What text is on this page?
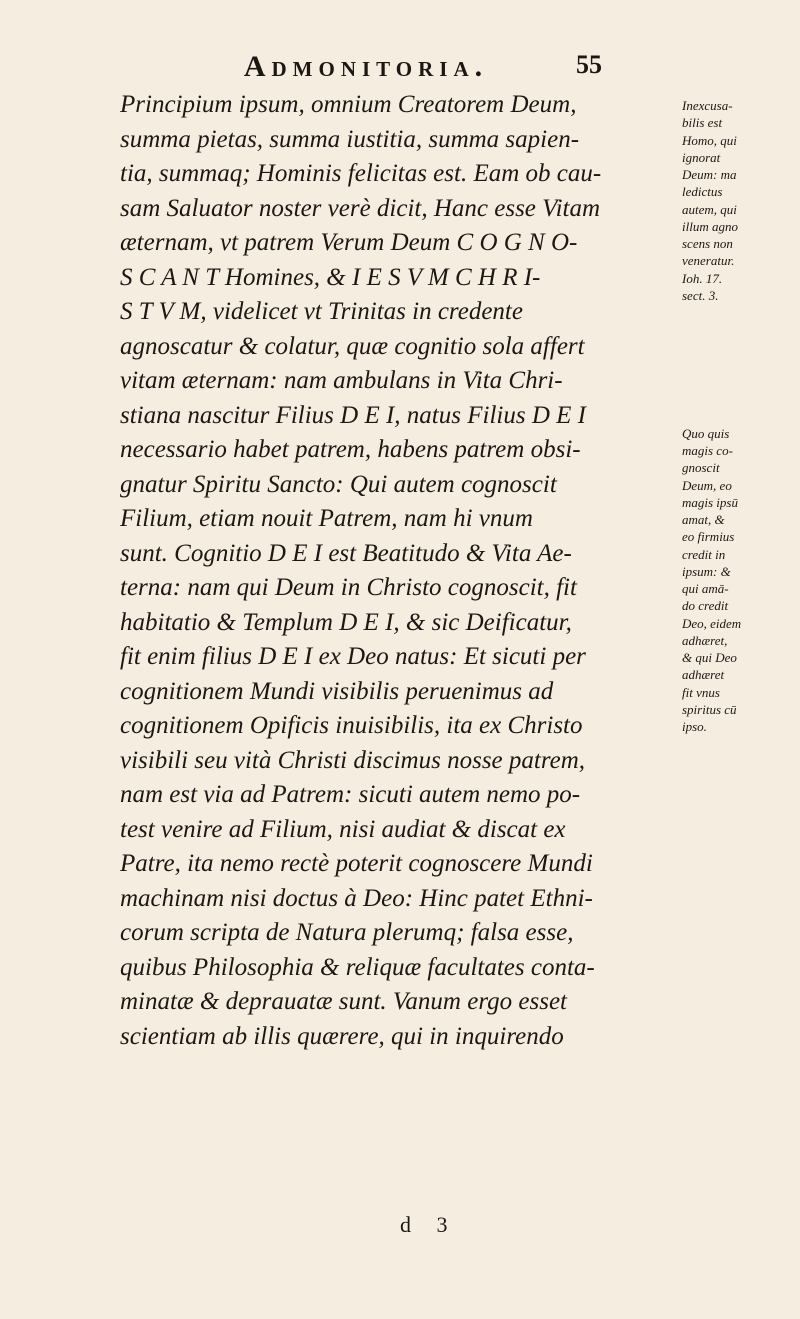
Admonitoria.	55
Principium ipsum, omnium Creatorem Deum,
summa pietas, summa iustitia, summa sapien-
tia, summaq; Hominis felicitas est. Eam ob cau-
sam Saluator noster verè dicit, Hanc esse Vitam
æternam, vt patrem Verum Deum C O G N O-
S C A N T Homines, & I E S V M C H R I-
S T V M, videlicet vt Trinitas in credente
agnoscatur & colatur, quæ cognitio sola affert
vitam æternam: nam ambulans in Vita Chri-
stiana nascitur Filius D E I, natus Filius D E I
necessario habet patrem, habens patrem obsi-
gnatur Spiritu Sancto: Qui autem cognoscit
Filium, etiam nouit Patrem, nam hi vnum
sunt. Cognitio D E I est Beatitudo & Vita Ae-
terna: nam qui Deum in Christo cognoscit, fit
habitatio & Templum D E I, & sic Deificatur,
fit enim filius D E I ex Deo natus: Et sicuti per
cognitionem Mundi visibilis peruenimus ad
cognitionem Opificis inuisibilis, ita ex Christo
visibili seu vità Christi discimus nosse patrem,
nam est via ad Patrem: sicuti autem nemo po-
test venire ad Filium, nisi audiat & discat ex
Patre, ita nemo rectè poterit cognoscere Mundi
machinam nisi doctus à Deo: Hinc patet Ethni-
corum scripta de Natura plerumq; falsa esse,
quibus Philosophia & reliquæ facultates conta-
minatæ & deprauatæ sunt. Vanum ergo esset
scientiam ab illis quærere, qui in inquirendo
Inexcusa-
bilis est
Homo, qui
ignorat
Deum: ma
ledictus
autem, qui
illum agno
scens non
veneratur.
Ioh. 17.
sect. 3.
Quo quis
magis co-
gnoscit
Deum, eo
magis ipsū
amat, &
eo firmius
credit in
ipsum: &
qui amā-
do credit
Deo, eidem
adhæret,
& qui Deo
adhæret
fit vnus
spiritus cū
ipso.
d 3
